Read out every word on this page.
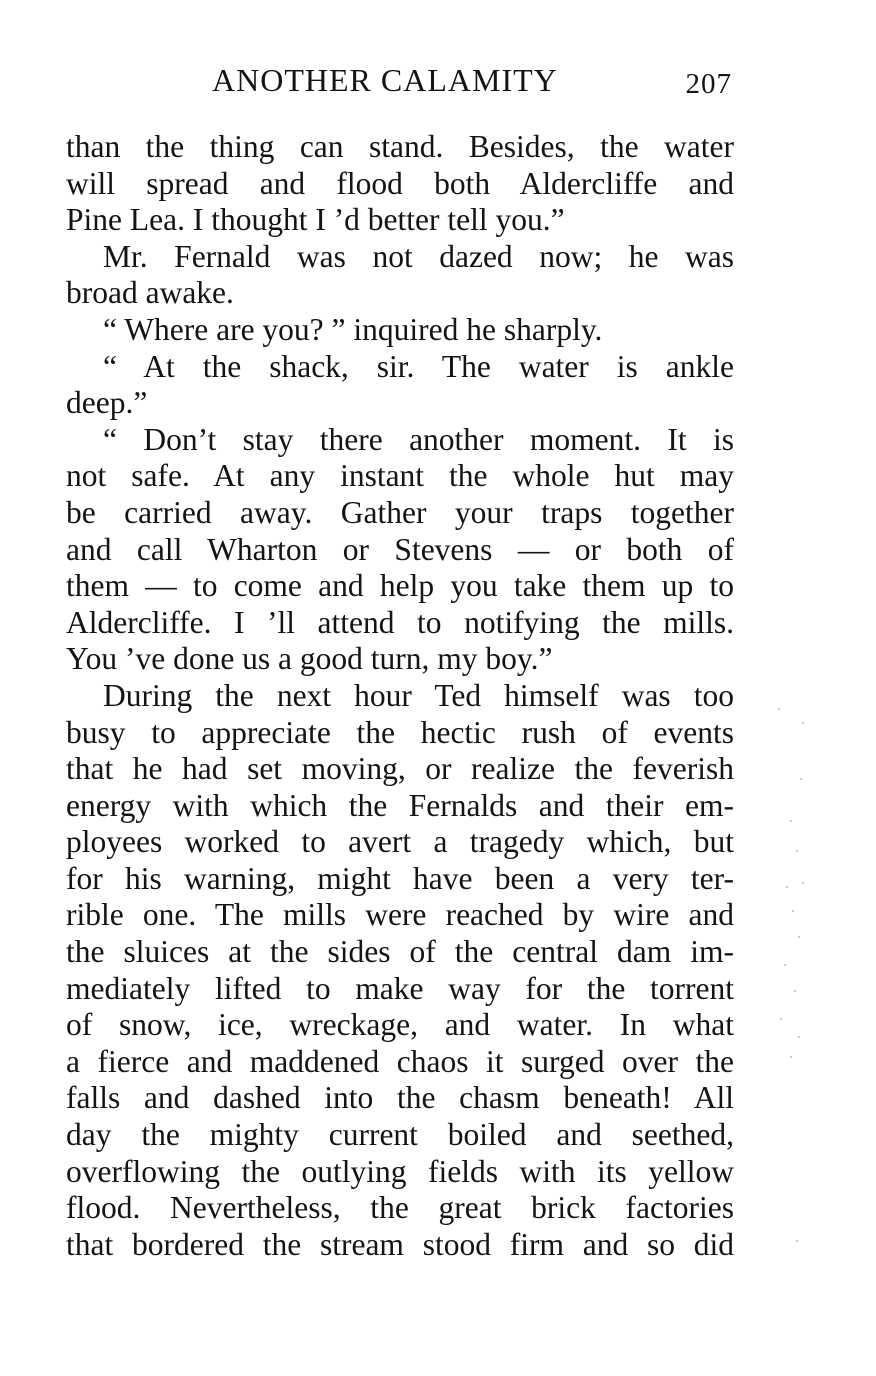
ANOTHER CALAMITY	207
than the thing can stand. Besides, the water
will spread and flood both Aldercliffe and
Pine Lea. I thought I ’d better tell you.”
Mr. Fernald was not dazed now; he was
broad awake.
“ Where are you? ” inquired he sharply.
“ At the shack, sir. The water is ankle
deep.”
“ Don’t stay there another moment. It is
not safe. At any instant the whole hut may
be carried away. Gather your traps together
and call Wharton or Stevens — or both of
them — to come and help you take them up to
Aldercliffe. I ’ll attend to notifying the mills.
You ’ve done us a good turn, my boy.”
During the next hour Ted himself was too
busy to appreciate the hectic rush of events
that he had set moving, or realize the feverish
energy with which the Fernalds and their em-
ployees worked to avert a tragedy which, but
for his warning, might have been a very ter-
rible one. The mills were reached by wire and
the sluices at the sides of the central dam im-
mediately lifted to make way for the torrent
of snow, ice, wreckage, and water. In what
a fierce and maddened chaos it surged over the
falls and dashed into the chasm beneath! All
day the mighty current boiled and seethed,
overflowing the outlying fields with its yellow
flood. Nevertheless, the great brick factories
that bordered the stream stood firm and so did
